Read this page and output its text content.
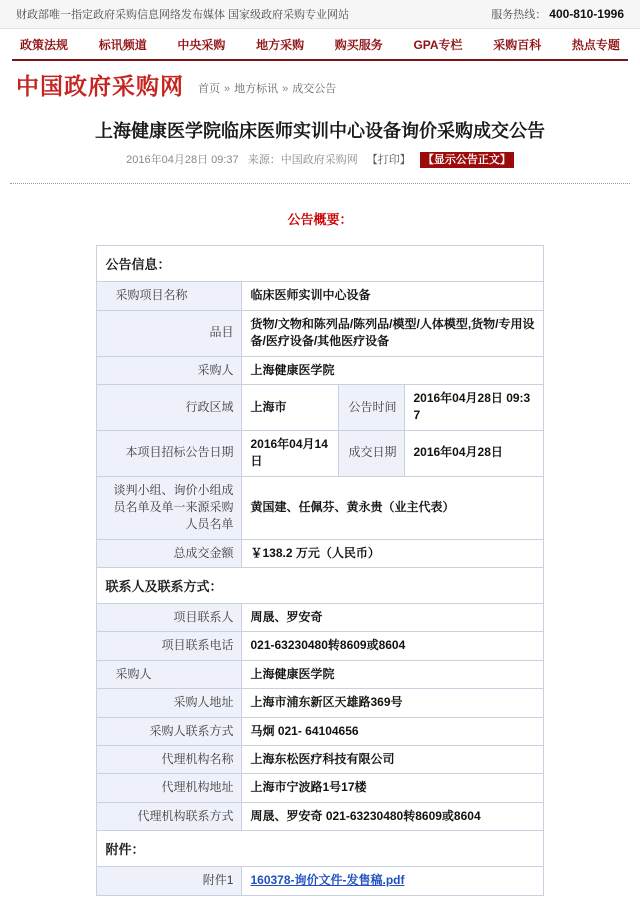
财政部唯一指定政府采购信息网络发布媒体 国家级政府采购专业网站	服务热线： 400-810-1996
政策法规	标讯频道	中央采购	地方采购	购买服务	GPA专栏	采购百科	热点专题
中国政府采购网 首页 » 地方标讯 » 成交公告
上海健康医学院临床医师实训中心设备询价采购成交公告
2016年04月28日 09:37 来源：中国政府采购网 【打印】 【显示公告正文】
公告概要：
公告信息：			
采购项目名称	临床医师实训中心设备		
品目	货物/文物和陈列品/陈列品/模型/人体模型,货物/专用设备/医疗设备/其他医疗设备		
采购人	上海健康医学院		
行政区域	上海市	公告时间	2016年04月28日 09:37
本项目招标公告日期	2016年04月14日	成交日期	2016年04月28日
谈判小组、询价小组成员名单及单一来源采购人员名单	黄国建、任佩芬、黄永贵（业主代表）		
总成交金额	￥138.2 万元（人民币）		
联系人及联系方式：			
项目联系人	周晟、罗安奇		
项目联系电话	021-63230480转8609或8604		
采购人	上海健康医学院		
采购人地址	上海市浦东新区天雄路369号		
采购人联系方式	马炯 021- 64104656		
代理机构名称	上海东松医疗科技有限公司		
代理机构地址	上海市宁波路1号17楼		
代理机构联系方式	周晟、罗安奇 021-63230480转8609或8604		
附件：			
附件1	160378-询价文件-发售稿.pdf		
